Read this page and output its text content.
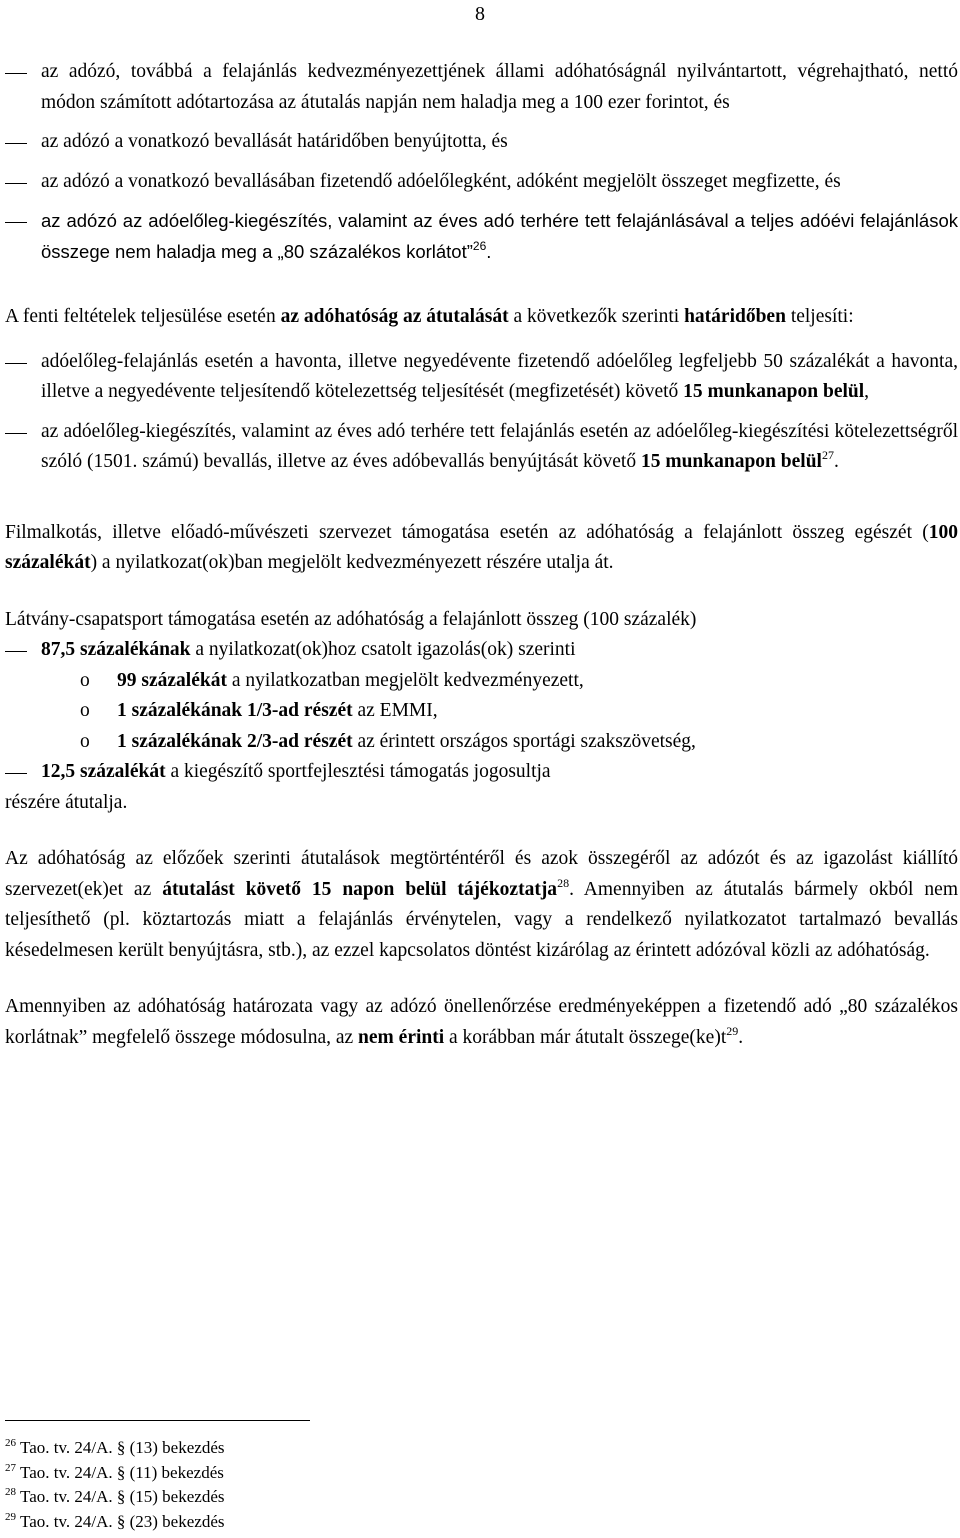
8
az adózó, továbbá a felajánlás kedvezményezettjének állami adóhatóságnál nyilvántartott, végrehajtható, nettó módon számított adótartozása az átutalás napján nem haladja meg a 100 ezer forintot, és
az adózó a vonatkozó bevallását határidőben benyújtotta, és
az adózó a vonatkozó bevallásában fizetendő adóelőlegként, adóként megjelölt összeget megfizette, és
az adózó az adóelőleg-kiegészítés, valamint az éves adó terhére tett felajánlásával a teljes adóévi felajánlások összege nem haladja meg a „80 százalékos korlátot”$^{26}$.

A fenti feltételek teljesülése esetén az adóhatóság az átutalását a következők szerinti határidőben teljesíti:

adóelőleg-felajánlás esetén a havonta, illetve negyedévente fizetendő adóelőleg legfeljebb 50 százalékát a havonta, illetve a negyedévente teljesítendő kötelezettség teljesítését (megfizetését) követő 15 munkanapon belül,
az adóelőleg-kiegészítés, valamint az éves adó terhére tett felajánlás esetén az adóelőleg-kiegészítési kötelezettségről szóló (1501. számú) bevallás, illetve az éves adóbevallás benyújtását követő 15 munkanapon belül$^{27}$.

Filmalkotás, illetve előadó-művészeti szervezet támogatása esetén az adóhatóság a felajánlott összeg egészét (100 százalékát) a nyilatkozat(ok)ban megjelölt kedvezményezett részére utalja át.

Látvány-csapatsport támogatása esetén az adóhatóság a felajánlott összeg (100 százalék)

87,5 százalékának a nyilatkozat(ok)hoz csatolt igazolás(ok) szerinti
o 99 százalékát a nyilatkozatban megjelölt kedvezményezett,
o 1 százalékának 1/3-ad részét az EMMI,
o 1 százalékának 2/3-ad részét az érintett országos sportági szakszövetség,
12,5 százalékát a kiegészítő sportfejlesztési támogatás jogosultja

részére átutalja.

Az adóhatóság az előzőek szerinti átutalások megtörténtéről és azok összegéről az adózót és az igazolást kiállító szervezet(ek)et az átutalást követő 15 napon belül tájékoztatja$^{28}$. Amennyiben az átutalás bármely okból nem teljesíthető (pl. köztartozás miatt a felajánlás érvénytelen, vagy a rendelkező nyilatkozatot tartalmazó bevallás késedelmesen került benyújtásra, stb.), az ezzel kapcsolatos döntést kizárólag az érintett adózóval közli az adóhatóság.

Amennyiben az adóhatóság határozata vagy az adózó önellenőrzése eredményeképpen a fizetendő adó „80 százalékos korlátnak” megfelelő összege módosulna, az nem érinti a korábban már átutalt $összege(ke)t^{29}$.

$^{26}$ Tao. tv. 24/A. § (13) bekezdés
$^{27}$ Tao. tv. 24/A. § (11) bekezdés
$^{28}$ Tao. tv. 24/A. § (15) bekezdés
$^{29}$ Tao. tv. 24/A. § (23) bekezdés
